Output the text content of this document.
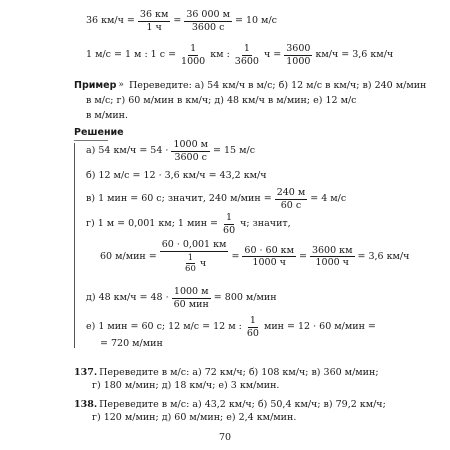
36 $км/ч = \frac{36 км}{1 ч} = \frac{36 000 м}{3600 с} = 10$ м/с
1 м/с = 1 м : 1 $с = \frac{1}{1000}$ км : $\frac{1}{3600}$ $ч = \frac{3600}{1000} км/ч = 3,6$ км/ч
Пример » Переведите: а) 54 км/ч в м/с; б) 12 м/с в км/ч; в) 240 м/мин
в м/с; г) 60 м/мин в км/ч; д) 48 км/ч в м/мин; е) 12 м/с
в м/мин.
Решение
а) 54 $км/ч = 54 \cdot \frac{1000 м}{3600 с} = 15$ м/с
б) 12 м/с = 12 · 3,6 км/ч = 43,2 км/ч
в) 1 мин = 60 с; значит, 240 $м/мин = \frac{240 м}{60 с} = 4$ м/с
г) 1 м = 0,001 км; 1 мин = $\frac{1}{60} ч$; значит,
60 $м/мин = \frac{60 \cdot 0,001 км}{\frac{1}{60} ч} = \frac{60 \cdot 60 км}{1000 ч} = \frac{3600 км}{1000 ч} = 3,6$ км/ч
д) 48 $км/ч = 48 \cdot \frac{1000 м}{\text{60 мин}} = 800$ м/мин
е) 1 мин = 60 с; 12 м/с = 12 м : $\frac{1}{60}$ мин = 12 · 60 м/мин =
= 720 м/мин
137. Переведите в м/с: а) 72 км/ч; б) 108 км/ч; в) 360 м/мин;
г) 180 м/мин; д) 18 км/ч; е) 3 км/мин.
138. Переведите в м/с: а) 43,2 км/ч; б) 50,4 км/ч; в) 79,2 км/ч;
г) 120 м/мин; д) 60 м/мин; е) 2,4 км/мин.
70
